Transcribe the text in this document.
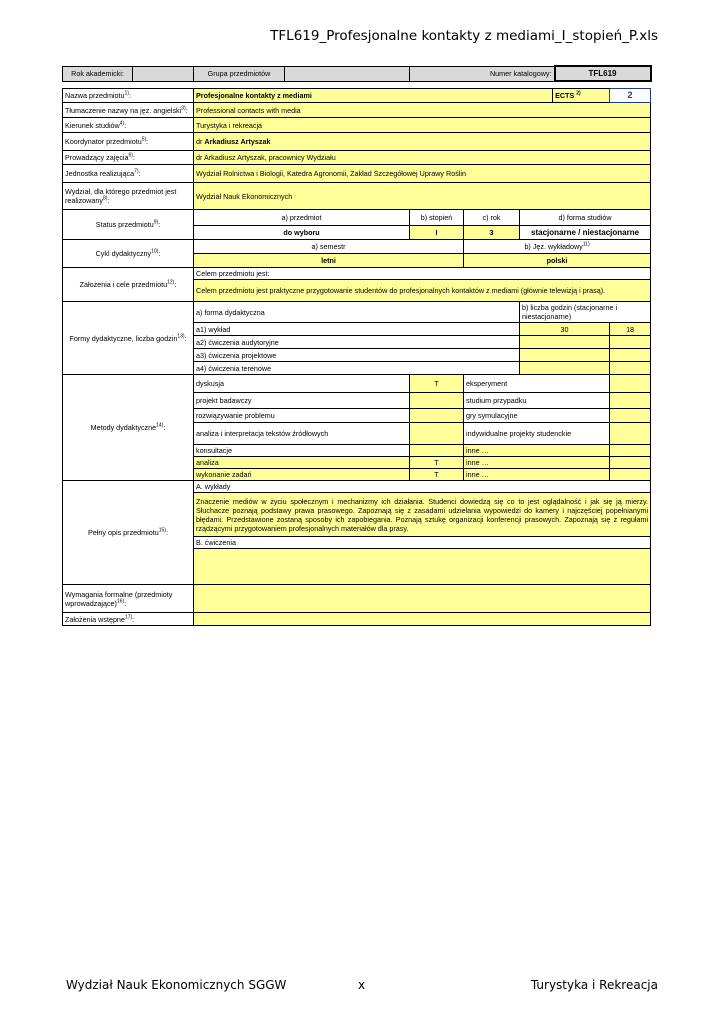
TFL619_Profesjonalne kontakty z mediami_I_stopień_P.xls
Rok akademicki:		Grupa przedmiotów		Numer katalogowy:	TFL619
Nazwa przedmiotu$^{1)}$:	Profesjonalne kontakty z mediami				ECTS $^{2)}$	2
Tłumaczenie nazwy na jęz. angielski$^{3)}$:	Professional contacts with media					
Kierunek studiów$^{4)}$:	Turystyka i rekreacja					
Koordynator przedmiotu$^{5)}$:	dr Arkadiusz Artyszak					
Prowadzący zajęcia$^{6)}$:	dr Arkadiusz Artyszak, pracownicy Wydziału					
Jednostka realizująca$^{7)}$:	Wydział Rolnictwa i Biologii, Katedra Agronomii, Zakład Szczegółowej Uprawy Roślin					
Wydział, dla którego przedmiot jest
realizowany$^{8)}$:	Wydział Nauk Ekonomicznych					
Status przedmiotu$^{9)}$:	a) przedmiot	b) stopień	c) rok	d) forma studiów		
	do wyboru	I	3	stacjonarne / niestacjonarne		
Cykl dydaktyczny$^{10)}$:	a) semestr		b) Jęz. wykładowy$^{11)}$
	letni		polski			
Założenia i cele przedmiotu$^{12)}$:	Celem przedmiotu jest:					
	Celem przedmiotu jest praktyczne przygotowanie studentów do profesjonalnych kontaktów z mediami (głównie telewizją i prasą).					
Formy dydaktyczne, liczba godzin$^{13)}$:	a) forma dydaktyczna			b) liczba godzin (stacjonarne i niestacjonarne)		
	a1) wykład			30		18
	a2) ćwiczenia audytoryjne					
	a3) ćwiczenia projektowe					
	a4) ćwiczenia terenowe					
Metody dydaktyczne$^{14)}$:	dyskusja	T	eksperyment			
	projekt badawczy		studium przypadku			
	rozwiązywanie problemu		gry symulacyjne			
	analiza i interpretacja tekstów źródłowych		indywidualne projekty studenckie			
	konsultacje		inne …			
	analiza	T	inne …			
	wykonanie zadań	T	inne …			
Pełny opis przedmiotu$^{15)}$:	A. wykłady					
	Znaczenie mediów w życiu społecznym i mechanizmy ich działania. Studenci dowiedzą się co to jest oglądalność i jak się ją mierzy. Słuchacze poznają podstawy prawa prasowego. Zapoznają się z zasadami udzielania wypowiedzi do kamery i najczęściej popełnianymi błędami. Przedstawione zostaną sposoby ich zapobiegania. Poznają sztukę organizacji konferencji prasowych. Zapoznają się z regułami rządzącymi przygotowaniem profesjonalnych materiałów dla prasy.					
	B. ćwiczenia					

Wymagania formalne (przedmioty
wprowadzające)$^{16)}$:						
Założenia wstępne$^{17)}$:						
Wydział Nauk Ekonomicznych SGGW	x	Turystyka i Rekreacja
